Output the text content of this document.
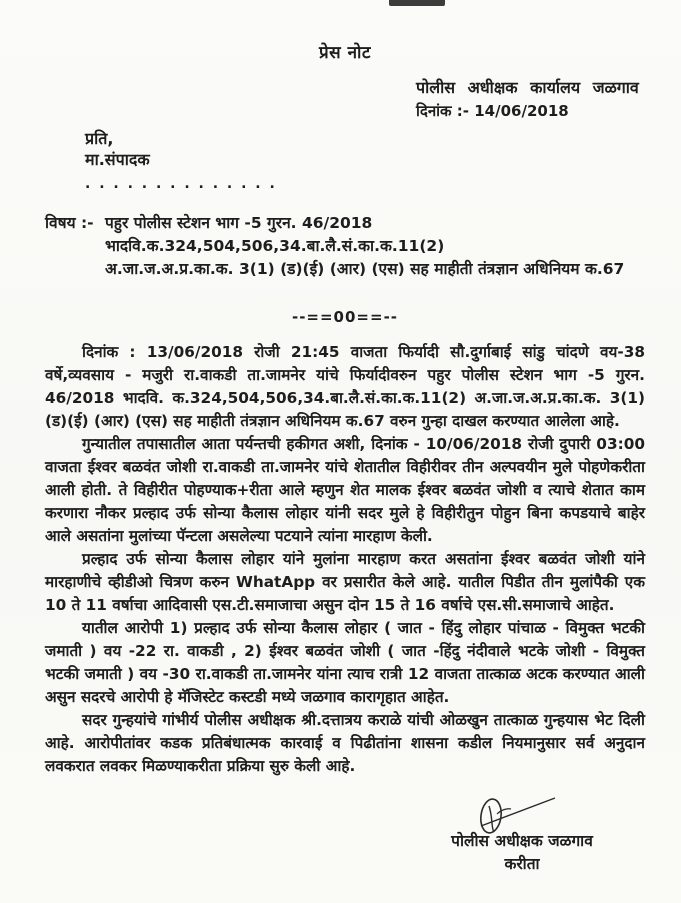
प्रेस नोट
पोलीस अधीक्षक कार्यालय जळगाव
दिनांक :- 14/06/2018
प्रति,
मा.संपादक
. . . . . . . . . . . . . .
विषय :- पहुर पोलीस स्टेशन भाग -5 गुरन. 46/2018 भादवि.क.324,504,506,34.बा.लै.सं.का.क.11(2)
अ.जा.ज.अ.प्र.का.क. 3(1) (ड)(ई) (आर) (एस) सह माहीती तंत्रज्ञान अधिनियम क.67
--==00==--

दिनांक : 13/06/2018 रोजी 21:45 वाजता फिर्यादी सौ.दुर्गाबाई सांडु चांदणे वय-38 वर्षे,व्यवसाय - मजुरी रा.वाकडी ता.जामनेर यांचे फिर्यादीवरुन पहुर पोलीस स्टेशन भाग -5 गुरन. 46/2018 भादवि. क.324,504,506,34.बा.लै.सं.का.क.11(2) अ.जा.ज.अ.प्र.का.क. 3(1) (ड)(ई) (आर) (एस) सह माहीती तंत्रज्ञान अधिनियम क.67 वरुन गुन्हा दाखल करण्यात आलेला आहे.

गुन्यातील तपासातील आता पर्यन्तची हकीगत अशी, दिनांक - 10/06/2018 रोजी दुपारी 03:00 वाजता ईश्वर बळवंत जोशी रा.वाकडी ता.जामनेर यांचे शेतातील विहीरीवर तीन अल्पवयीन मुले पोहणेकरीता आली होती. ते विहीरीत पोहण्याक+रीता आले म्हणुन शेत मालक ईश्वर बळवंत जोशी व त्याचे शेतात काम करणारा नौकर प्रल्हाद उर्फ सोन्या कैलास लोहार यांनी सदर मुले हे विहीरीतुन पोहुन बिना कपडयाचे बाहेर आले असतांना मुलांच्या पॅन्टला असलेल्या पटयाने त्यांना मारहाण केली.

प्रल्हाद उर्फ सोन्या कैलास लोहार यांने मुलांना मारहाण करत असतांना ईश्वर बळवंत जोशी यांने मारहाणीचे व्हीडीओ चित्रण करुन WhatApp वर प्रसारीत केले आहे. यातील पिडीत तीन मुलांपैकी एक 10 ते 11 वर्षाचा आदिवासी एस.टी.समाजाचा असुन दोन 15 ते 16 वर्षाचे एस.सी.समाजाचे आहेत.

यातील आरोपी 1) प्रल्हाद उर्फ सोन्या कैलास लोहार ( जात - हिंदु लोहार पांचाळ - विमुक्त भटकी जमाती ) वय -22 रा. वाकडी , 2) ईश्वर बळवंत जोशी ( जात -हिंदु नंदीवाले भटके जोशी - विमुक्त भटकी जमाती ) वय -30 रा.वाकडी ता.जामनेर यांना त्याच रात्री 12 वाजता तात्काळ अटक करण्यात आली असुन सदरचे आरोपी हे मॅजिस्टेट कस्टडी मध्ये जळगाव कारागृहात आहेत.

सदर गुन्हयांचे गांभीर्य पोलीस अधीक्षक श्री.दत्तात्रय कराळे यांची ओळखुन तात्काळ गुन्हयास भेट दिली आहे. आरोपीतांवर कडक प्रतिबंधात्मक कारवाई व पिढीतांना शासना कडील नियमानुसार सर्व अनुदान लवकरात लवकर मिळण्याकरीता प्रक्रिया सुरु केली आहे.

पोलीस अधीक्षक जळगाव
करीता
